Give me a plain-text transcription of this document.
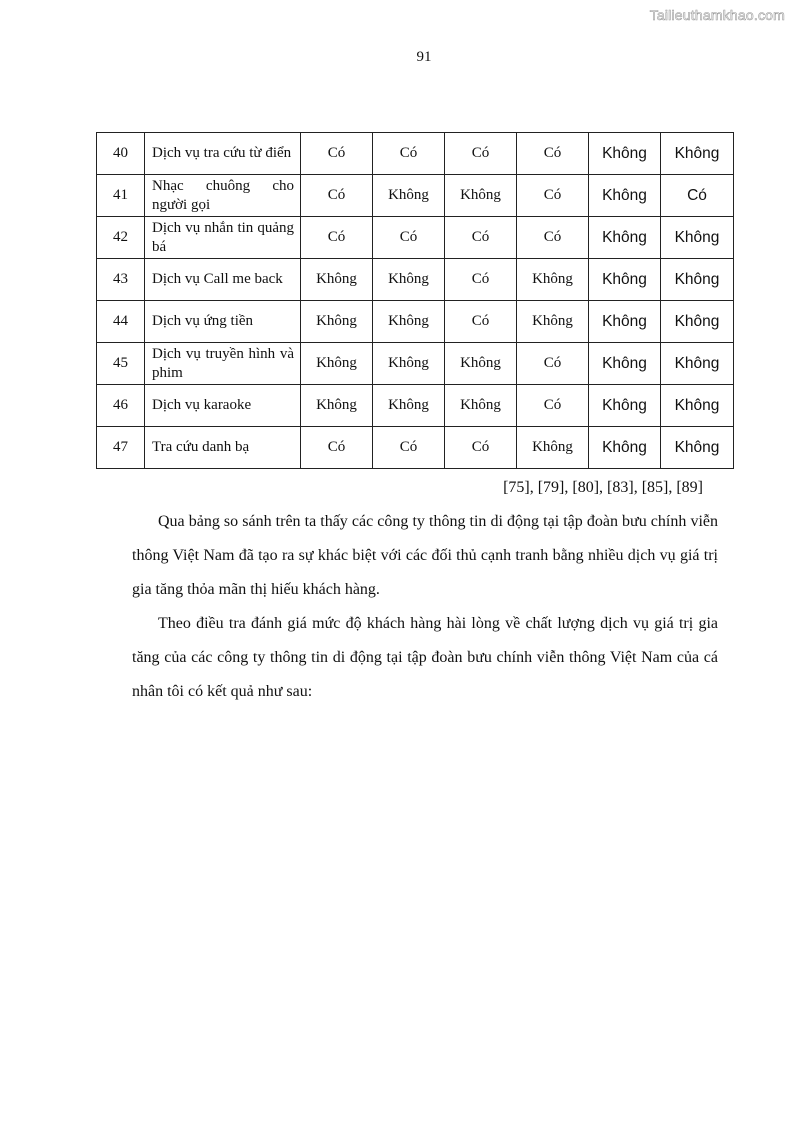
Tailieuthamkhao.com
91
40	Dịch vụ tra cứu từ điển	Có	Có	Có	Có	Không	Không
41	Nhạc chuông cho người gọi	Có	Không	Không	Có	Không	Có
42	Dịch vụ nhắn tin quảng bá	Có	Có	Có	Có	Không	Không
43	Dịch vụ Call me back	Không	Không	Có	Không	Không	Không
44	Dịch vụ ứng tiền	Không	Không	Có	Không	Không	Không
45	Dịch vụ truyền hình và phim	Không	Không	Không	Có	Không	Không
46	Dịch vụ karaoke	Không	Không	Không	Có	Không	Không
47	Tra cứu danh bạ	Có	Có	Có	Không	Không	Không
[75], [79], [80], [83], [85], [89]

Qua bảng so sánh trên ta thấy các công ty thông tin di động tại tập đoàn bưu chính viễn thông Việt Nam đã tạo ra sự khác biệt với các đối thủ cạnh tranh bằng nhiều dịch vụ giá trị gia tăng thỏa mãn thị hiếu khách hàng.

Theo điều tra đánh giá mức độ khách hàng hài lòng về chất lượng dịch vụ giá trị gia tăng của các công ty thông tin di động tại tập đoàn bưu chính viễn thông Việt Nam của cá nhân tôi có kết quả như sau:
